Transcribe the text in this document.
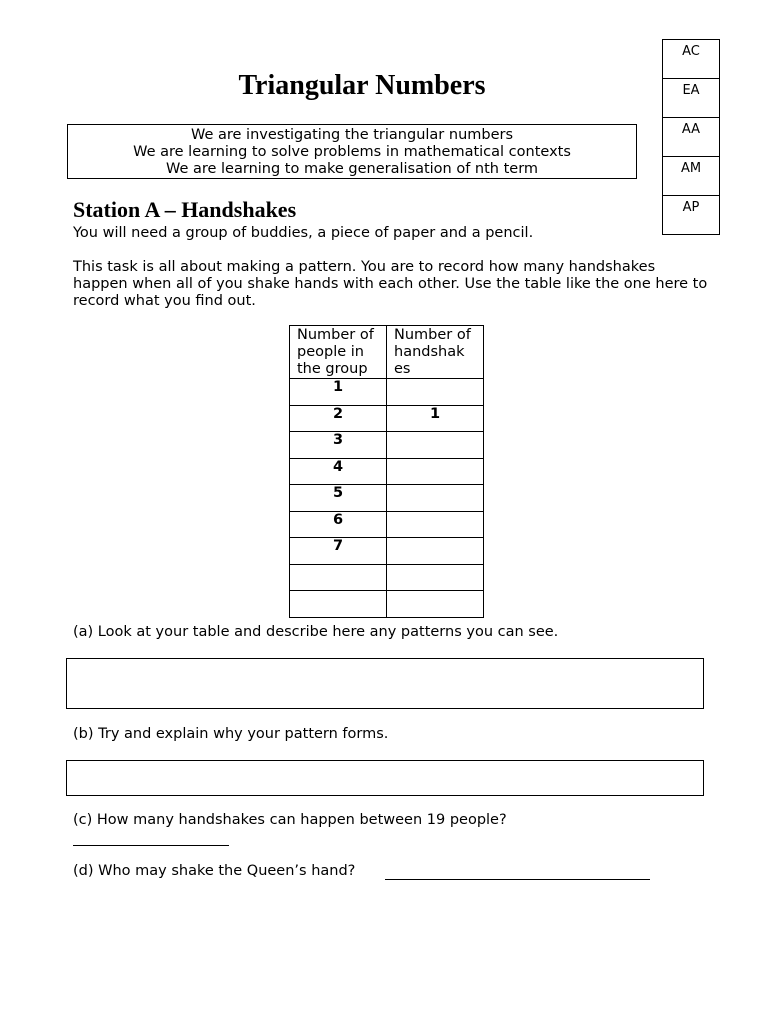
AC
EA
AA
AM
AP
Triangular Numbers
We are investigating the triangular numbers
We are learning to solve problems in mathematical contexts
We are learning to make generalisation of nth term
Station A – Handshakes
You will need a group of buddies, a piece of paper and a pencil.
This task is all about making a pattern. You are to record how many handshakes happen when all of you shake hands with each other. Use the table like the one here to record what you find out.
Number of people in the group	Number of handshak es
1	
2	1
3	
4	
5	
6	
7	

(a) Look at your table and describe here any patterns you can see.
(b) Try and explain why your pattern forms.
(c) How many handshakes can happen between 19 people?
(d) Who may shake the Queen’s hand?
